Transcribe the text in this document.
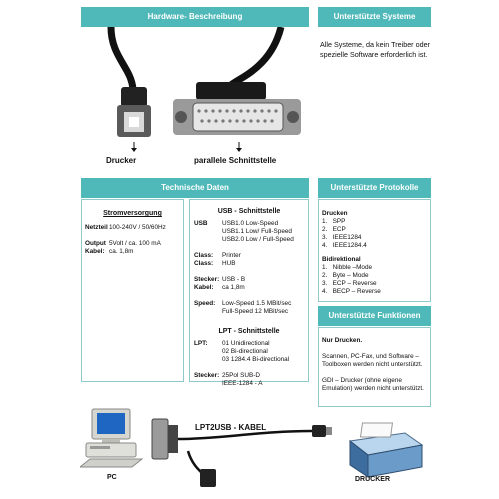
Hardware- Beschreibung
Drucker	parallele Schnittstelle
Unterstützte Systeme
Alle Systeme, da kein Treiber oder spezielle Software erforderlich ist.
Technische Daten
Stromversorgung
Netzteil 100-240V / 50/60Hz
Output 5Volt / ca. 100 mA
Kabel: ca. 1,8m
USB - Schnittstelle
USB	USB1.0 Low-Speed
USB1.1 Low/ Full-Speed
USB2.0 Low / Full-Speed
Class:	Printer
Class:	HUB
Stecker: USB - B
Kabel:	ca 1,8m
Speed:	Low-Speed 1.5 MBit/sec
Full-Speed 12 MBit/sec
LPT - Schnittstelle
LPT:	01 Unidirectional
02 Bi-directional
03 1284.4 Bi-directional
Stecker: 25Pol SUB-D
IEEE-1284 - A
Unterstützte Protokolle
Drucken
1.   SPP
2.   ECP
3.   IEEE1284
4.   IEEE1284.4
Bidirektional
1.   Nibble –Mode
2.   Byte – Mode
3.   ECP – Reverse
4.   BECP – Reverse
Unterstützte Funktionen
Nur Drucken.
Scannen, PC-Fax, und Software – Toolboxen werden nicht unterstützt.
GDI – Drucker (ohne eigene Emulation) werden nicht unterstützt.
LPT2USB - KABEL
PC	DRUCKER
